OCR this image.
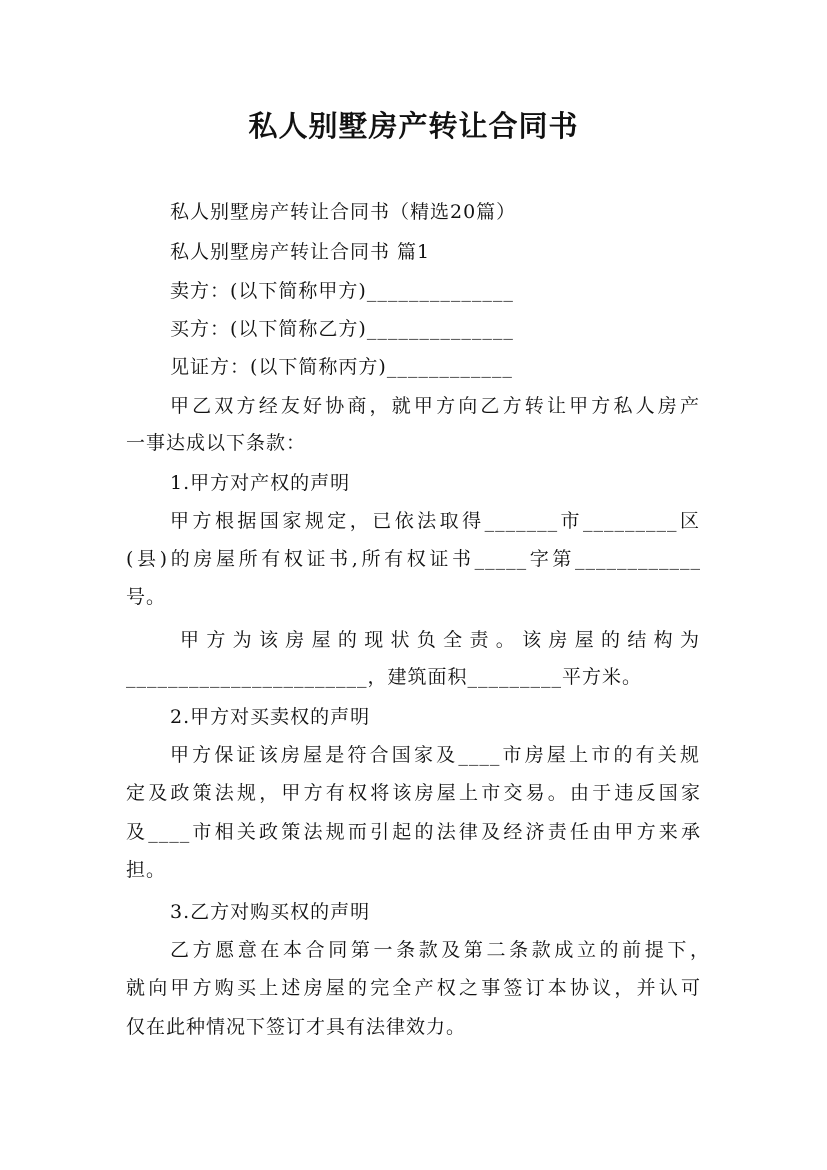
私人别墅房产转让合同书
私人别墅房产转让合同书（精选20篇）
私人别墅房产转让合同书 篇1
卖方：(以下简称甲方)______________
买方：(以下简称乙方)______________
见证方：(以下简称丙方)____________
甲乙双方经友好协商，就甲方向乙方转让甲方私人房产
一事达成以下条款：
1.甲方对产权的声明
甲方根据国家规定，已依法取得_______市_________区
(县)的房屋所有权证书,所有权证书_____字第____________
号。
甲方为该房屋的现状负全责。该房屋的结构为
_______________________，建筑面积_________平方米。
2.甲方对买卖权的声明
甲方保证该房屋是符合国家及____市房屋上市的有关规
定及政策法规，甲方有权将该房屋上市交易。由于违反国家
及____市相关政策法规而引起的法律及经济责任由甲方来承
担。
3.乙方对购买权的声明
乙方愿意在本合同第一条款及第二条款成立的前提下，
就向甲方购买上述房屋的完全产权之事签订本协议，并认可
仅在此种情况下签订才具有法律效力。
